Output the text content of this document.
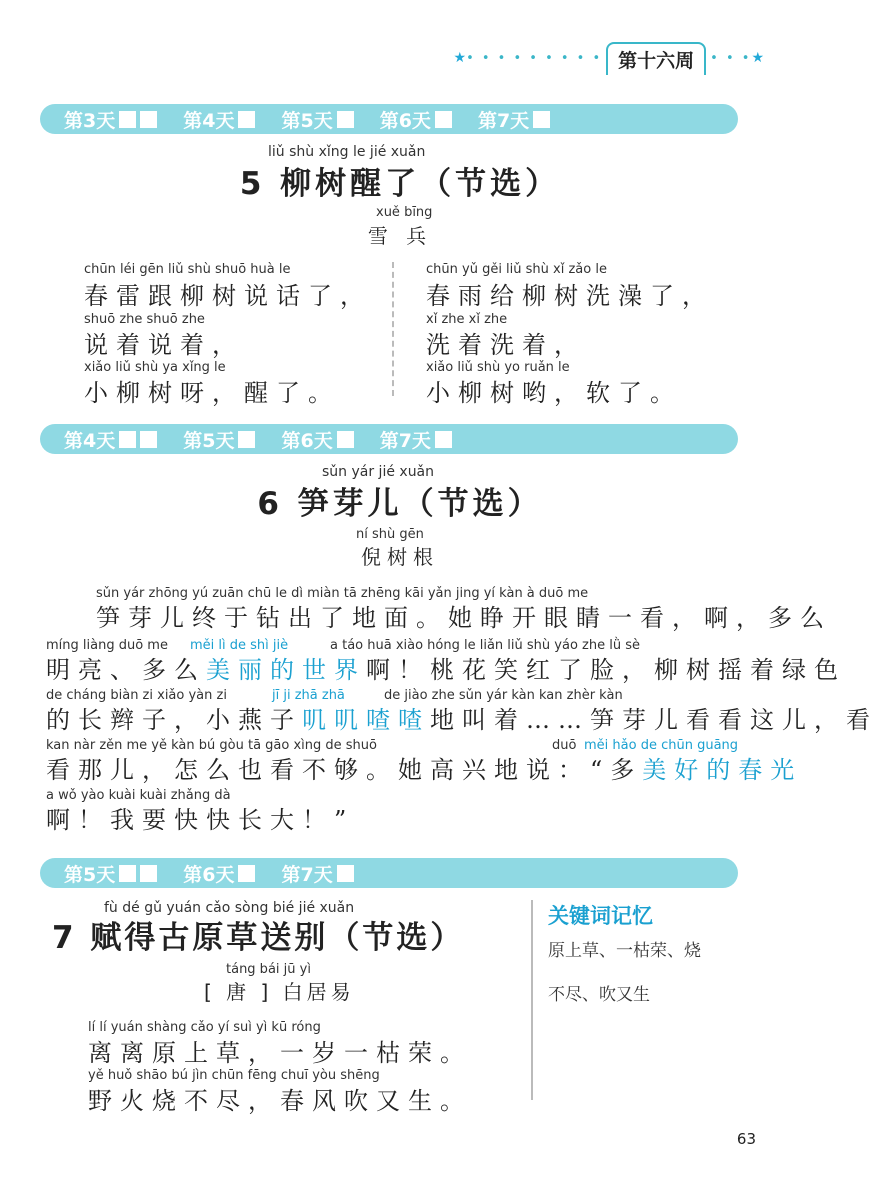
★ • • • • • • • • • 第十六周	• • • ★
第3天	第4天 第5天 第6天 第7天
liǔ shù xǐng le jié xuǎn
5 柳树醒了（节选）
xuě bīng
雪 兵
chūn léi gēn liǔ shù shuō huà le
春雷跟柳树说话了，
shuō zhe shuō zhe
说着说着，
xiǎo liǔ shù ya xǐng le
小柳树呀，醒了。
chūn yǔ gěi liǔ shù xǐ zǎo le
春雨给柳树洗澡了，
xǐ zhe xǐ zhe
洗着洗着，
xiǎo liǔ shù yo ruǎn le
小柳树哟，软了。
第4天	第5天 第6天 第7天
sǔn yár jié xuǎn
6 笋芽儿（节选）
ní shù gēn
倪树根
sǔn yár zhōng yú zuān chū le dì miàn tā zhēng kāi yǎn jing yí kàn à duō me
笋芽儿终于钻出了地面。她睁开眼睛一看，啊，多么
míng liàng duō me měi lì de shì jiè	a táo huā xiào hóng le liǎn liǔ shù yáo zhe lǜ sè
明亮、多么美丽的世界啊！桃花笑红了脸，柳树摇着绿色
de cháng biàn zi xiǎo yàn zi	jī ji zhā zhā	de jiào zhe sǔn yár kàn kan zhèr kàn
的长辫子，小燕子叽叽喳喳地叫着……笋芽儿看看这儿，看
kan nàr zěn me yě kàn bú gòu tā gāo xìng de shuō	duō měi hǎo de chūn guāng
看那儿，怎么也看不够。她高兴地说：“多美好的春光
a wǒ yào kuài kuài zhǎng dà
啊！我要快快长大！”
第5天	第6天 第7天
fù dé gǔ yuán cǎo sòng bié jié xuǎn
7 赋得古原草送别（节选）
táng bái jū yì
[ 唐 ] 白居易
lí lí yuán shàng cǎo yí suì yì kū róng
离离原上草，一岁一枯荣。
yě huǒ shāo bú jìn chūn fēng chuī yòu shēng
野火烧不尽，春风吹又生。
关键词记忆
原上草、一枯荣、烧
不尽、吹又生
63
